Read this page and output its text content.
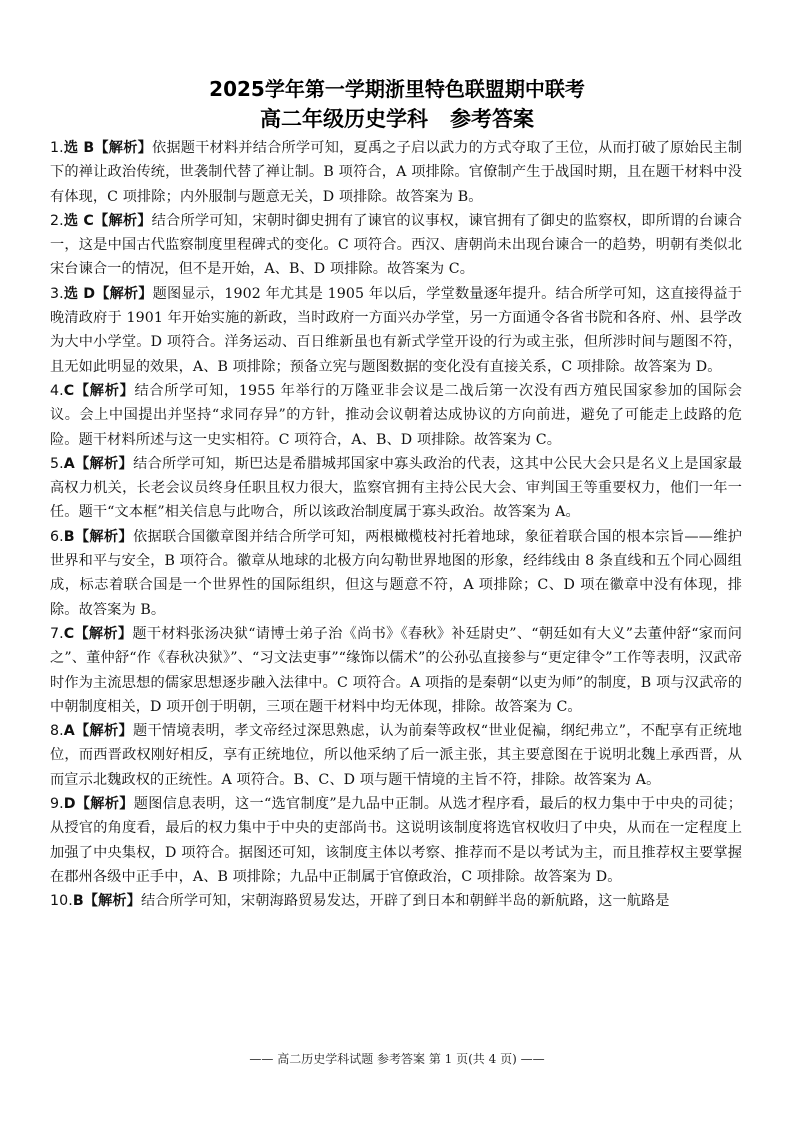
2025学年第一学期浙里特色联盟期中联考
高二年级历史学科 参考答案
1.选 B【解析】依据题干材料并结合所学可知，夏禹之子启以武力的方式夺取了王位，从而打破了原始民主制下的禅让政治传统，世袭制代替了禅让制。B 项符合，A 项排除。官僚制产生于战国时期，且在题干材料中没有体现，C 项排除；内外服制与题意无关，D 项排除。故答案为 B。
2.选 C【解析】结合所学可知，宋朝时御史拥有了谏官的议事权，谏官拥有了御史的监察权，即所谓的台谏合一，这是中国古代监察制度里程碑式的变化。C 项符合。西汉、唐朝尚未出现台谏合一的趋势，明朝有类似北宋台谏合一的情况，但不是开始，A、B、D 项排除。故答案为 C。
3.选 D【解析】题图显示，1902 年尤其是 1905 年以后，学堂数量逐年提升。结合所学可知，这直接得益于晚清政府于 1901 年开始实施的新政，当时政府一方面兴办学堂，另一方面通令各省书院和各府、州、县学改为大中小学堂。D 项符合。洋务运动、百日维新虽也有新式学堂开设的行为或主张，但所涉时间与题图不符，且无如此明显的效果，A、B 项排除；预备立宪与题图数据的变化没有直接关系，C 项排除。故答案为 D。
4.C【解析】结合所学可知，1955 年举行的万隆亚非会议是二战后第一次没有西方殖民国家参加的国际会议。会上中国提出并坚持“求同存异”的方针，推动会议朝着达成协议的方向前进，避免了可能走上歧路的危险。题干材料所述与这一史实相符。C 项符合，A、B、D 项排除。故答案为 C。
5.A【解析】结合所学可知，斯巴达是希腊城邦国家中寡头政治的代表，这其中公民大会只是名义上是国家最高权力机关，长老会议员终身任职且权力很大，监察官拥有主持公民大会、审判国王等重要权力，他们一年一任。题干“文本框”相关信息与此吻合，所以该政治制度属于寡头政治。故答案为 A。
6.B【解析】依据联合国徽章图并结合所学可知，两根橄榄枝衬托着地球，象征着联合国的根本宗旨——维护世界和平与安全，B 项符合。徽章从地球的北极方向勾勒世界地图的形象，经纬线由 8 条直线和五个同心圆组成，标志着联合国是一个世界性的国际组织，但这与题意不符，A 项排除；C、D 项在徽章中没有体现，排除。故答案为 B。
7.C【解析】题干材料张汤决狱“请博士弟子治《尚书》《春秋》补廷尉史”、“朝廷如有大义”去董仲舒“家而问之”、董仲舒“作《春秋决狱》”、“习文法吏事”“缘饰以儒术”的公孙弘直接参与“更定律令”工作等表明，汉武帝时作为主流思想的儒家思想逐步融入法律中。C 项符合。A 项指的是秦朝“以吏为师”的制度，B 项与汉武帝的中朝制度相关，D 项开创于明朝，三项在题干材料中均无体现，排除。故答案为 C。
8.A【解析】题干情境表明，孝文帝经过深思熟虑，认为前秦等政权“世业促褊，纲纪弗立”，不配享有正统地位，而西晋政权刚好相反，享有正统地位，所以他采纳了后一派主张，其主要意图在于说明北魏上承西晋，从而宣示北魏政权的正统性。A 项符合。B、C、D 项与题干情境的主旨不符，排除。故答案为 A。
9.D【解析】题图信息表明，这一“选官制度”是九品中正制。从选才程序看，最后的权力集中于中央的司徒；从授官的角度看，最后的权力集中于中央的吏部尚书。这说明该制度将选官权收归了中央，从而在一定程度上加强了中央集权，D 项符合。据图还可知，该制度主体以考察、推荐而不是以考试为主，而且推荐权主要掌握在郡州各级中正手中，A、B 项排除；九品中正制属于官僚政治，C 项排除。故答案为 D。
10.B【解析】结合所学可知，宋朝海路贸易发达，开辟了到日本和朝鲜半岛的新航路，这一航路是
—— 高二历史学科试题 参考答案 第 1 页(共 4 页) ——
